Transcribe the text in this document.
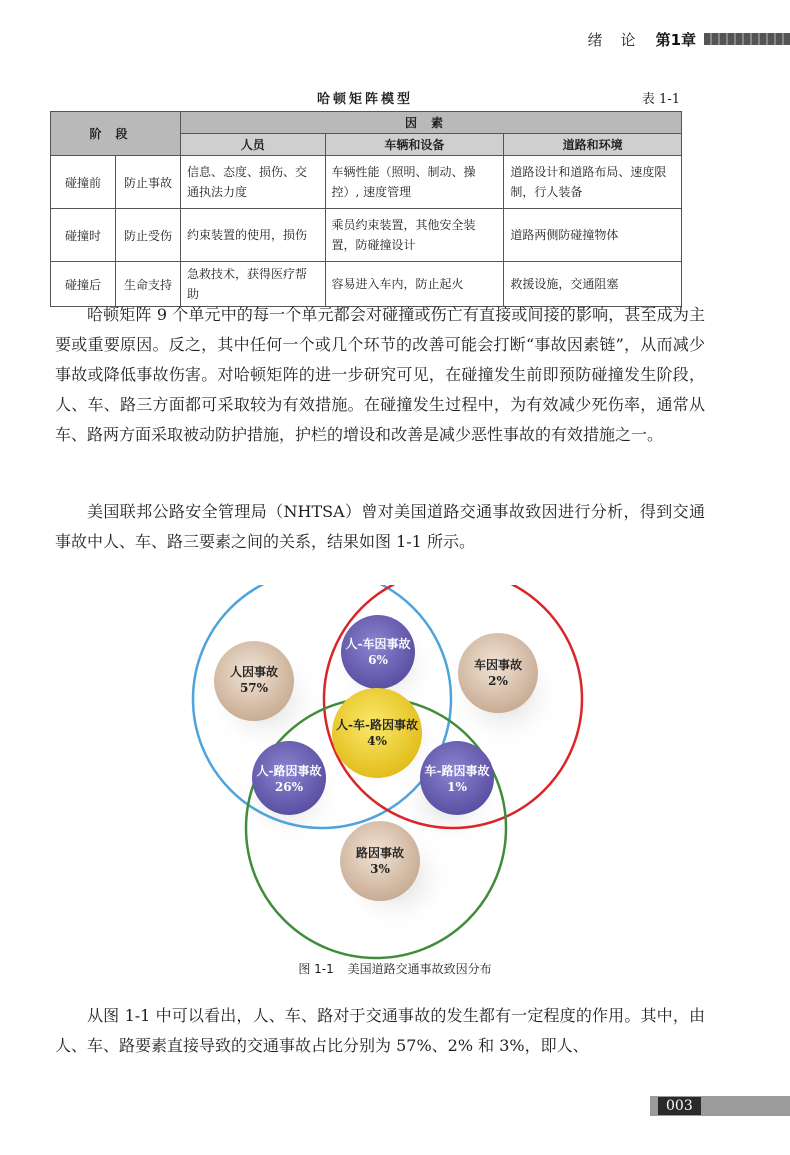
绪论 第1章
哈顿矩阵模型	表 1-1
阶段		因素		
		人员	车辆和设备	道路和环境
碰撞前	防止事故	信息、态度、损伤、交通执法力度	车辆性能（照明、制动、操控）, 速度管理	道路设计和道路布局、速度限制，行人装备
碰撞时	防止受伤	约束装置的使用，损伤	乘员约束装置，其他安全装置，防碰撞设计	道路两侧防碰撞物体
碰撞后	生命支持	急救技术，获得医疗帮助	容易进入车内，防止起火	救援设施，交通阻塞

哈顿矩阵 9 个单元中的每一个单元都会对碰撞或伤亡有直接或间接的影响，甚至成为主要或重要原因。反之，其中任何一个或几个环节的改善可能会打断“事故因素链”，从而减少事故或降低事故伤害。对哈顿矩阵的进一步研究可见，在碰撞发生前即预防碰撞发生阶段，人、车、路三方面都可采取较为有效措施。在碰撞发生过程中，为有效减少死伤率，通常从车、路两方面采取被动防护措施，护栏的增设和改善是减少恶性事故的有效措施之一。

美国联邦公路安全管理局（NHTSA）曾对美国道路交通事故致因进行分析，得到交通事故中人、车、路三要素之间的关系，结果如图 1-1 所示。

人因事故
57%
车因事故
2%
路因事故
3%
人-车因事故
6%
人-路因事故
26%
车-路因事故
1%
人-车-路因事故
4%
图 1-1 美国道路交通事故致因分布

从图 1-1 中可以看出，人、车、路对于交通事故的发生都有一定程度的作用。其中，由人、车、路要素直接导致的交通事故占比分别为 57%、2% 和 3%，即人、

003
